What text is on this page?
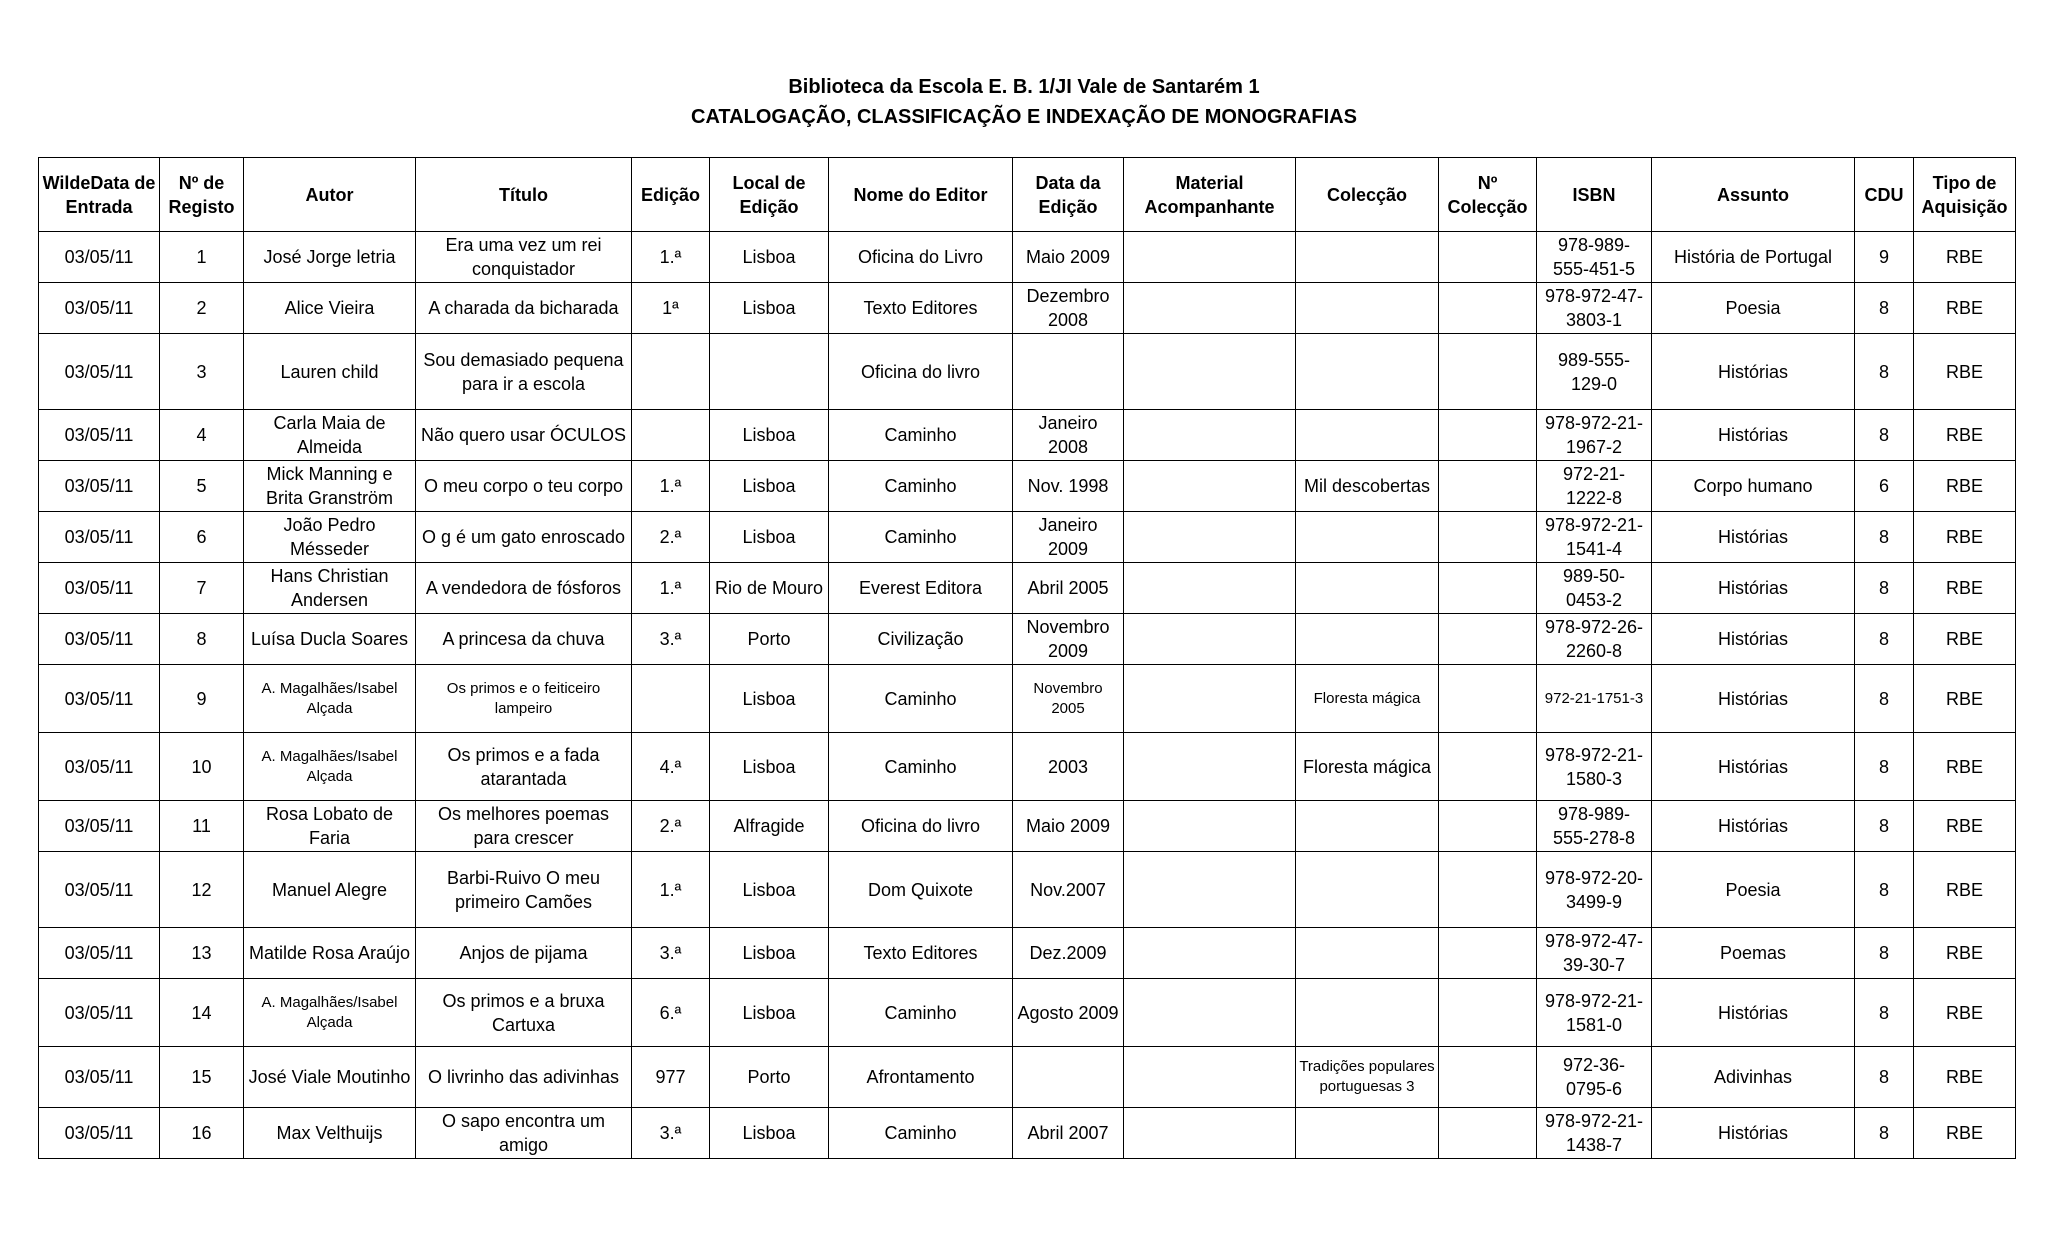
Biblioteca da Escola E. B. 1/JI Vale de Santarém 1
CATALOGAÇÃO, CLASSIFICAÇÃO E INDEXAÇÃO DE MONOGRAFIAS
WildeData de Entrada	Nº de Registo	Autor	Título	Edição	Local de Edição	Nome do Editor	Data da Edição	Material Acompanhante	Colecção	Nº Colecção	ISBN	Assunto	CDU	Tipo de Aquisição
03/05/11	1	José Jorge letria	Era uma vez um rei conquistador	1.ª	Lisboa	Oficina do Livro	Maio 2009				978-989-555-451-5	História de Portugal	9	RBE
03/05/11	2	Alice Vieira	A charada da bicharada	1ª	Lisboa	Texto Editores	Dezembro 2008				978-972-47-3803-1	Poesia	8	RBE
03/05/11	3	Lauren child	Sou demasiado pequena para ir a escola			Oficina do livro					989-555-129-0	Histórias	8	RBE
03/05/11	4	Carla Maia de Almeida	Não quero usar ÓCULOS		Lisboa	Caminho	Janeiro 2008				978-972-21-1967-2	Histórias	8	RBE
03/05/11	5	Mick Manning e Brita Granström	O meu corpo o teu corpo	1.ª	Lisboa	Caminho	Nov. 1998		Mil descobertas		972-21-1222-8	Corpo humano	6	RBE
03/05/11	6	João Pedro Mésseder	O g é um gato enroscado	2.ª	Lisboa	Caminho	Janeiro 2009				978-972-21-1541-4	Histórias	8	RBE
03/05/11	7	Hans Christian Andersen	A vendedora de fósforos	1.ª	Rio de Mouro	Everest Editora	Abril 2005				989-50-0453-2	Histórias	8	RBE
03/05/11	8	Luísa Ducla Soares	A princesa da chuva	3.ª	Porto	Civilização	Novembro 2009				978-972-26-2260-8	Histórias	8	RBE
03/05/11	9	A. Magalhães/Isabel Alçada	Os primos e o feiticeiro lampeiro		Lisboa	Caminho	Novembro 2005		Floresta mágica		972-21-1751-3	Histórias	8	RBE
03/05/11	10	A. Magalhães/Isabel Alçada	Os primos e a fada atarantada	4.ª	Lisboa	Caminho	2003		Floresta mágica		978-972-21-1580-3	Histórias	8	RBE
03/05/11	11	Rosa Lobato de Faria	Os melhores poemas para crescer	2.ª	Alfragide	Oficina do livro	Maio 2009				978-989-555-278-8	Histórias	8	RBE
03/05/11	12	Manuel Alegre	Barbi-Ruivo O meu primeiro Camões	1.ª	Lisboa	Dom Quixote	Nov.2007				978-972-20-3499-9	Poesia	8	RBE
03/05/11	13	Matilde Rosa Araújo	Anjos de pijama	3.ª	Lisboa	Texto Editores	Dez.2009				978-972-47-39-30-7	Poemas	8	RBE
03/05/11	14	A. Magalhães/Isabel Alçada	Os primos e a bruxa Cartuxa	6.ª	Lisboa	Caminho	Agosto 2009				978-972-21-1581-0	Histórias	8	RBE
03/05/11	15	José Viale Moutinho	O livrinho das adivinhas	977	Porto	Afrontamento			Tradições populares portuguesas 3		972-36-0795-6	Adivinhas	8	RBE
03/05/11	16	Max Velthuijs	O sapo encontra um amigo	3.ª	Lisboa	Caminho	Abril 2007				978-972-21-1438-7	Histórias	8	RBE
